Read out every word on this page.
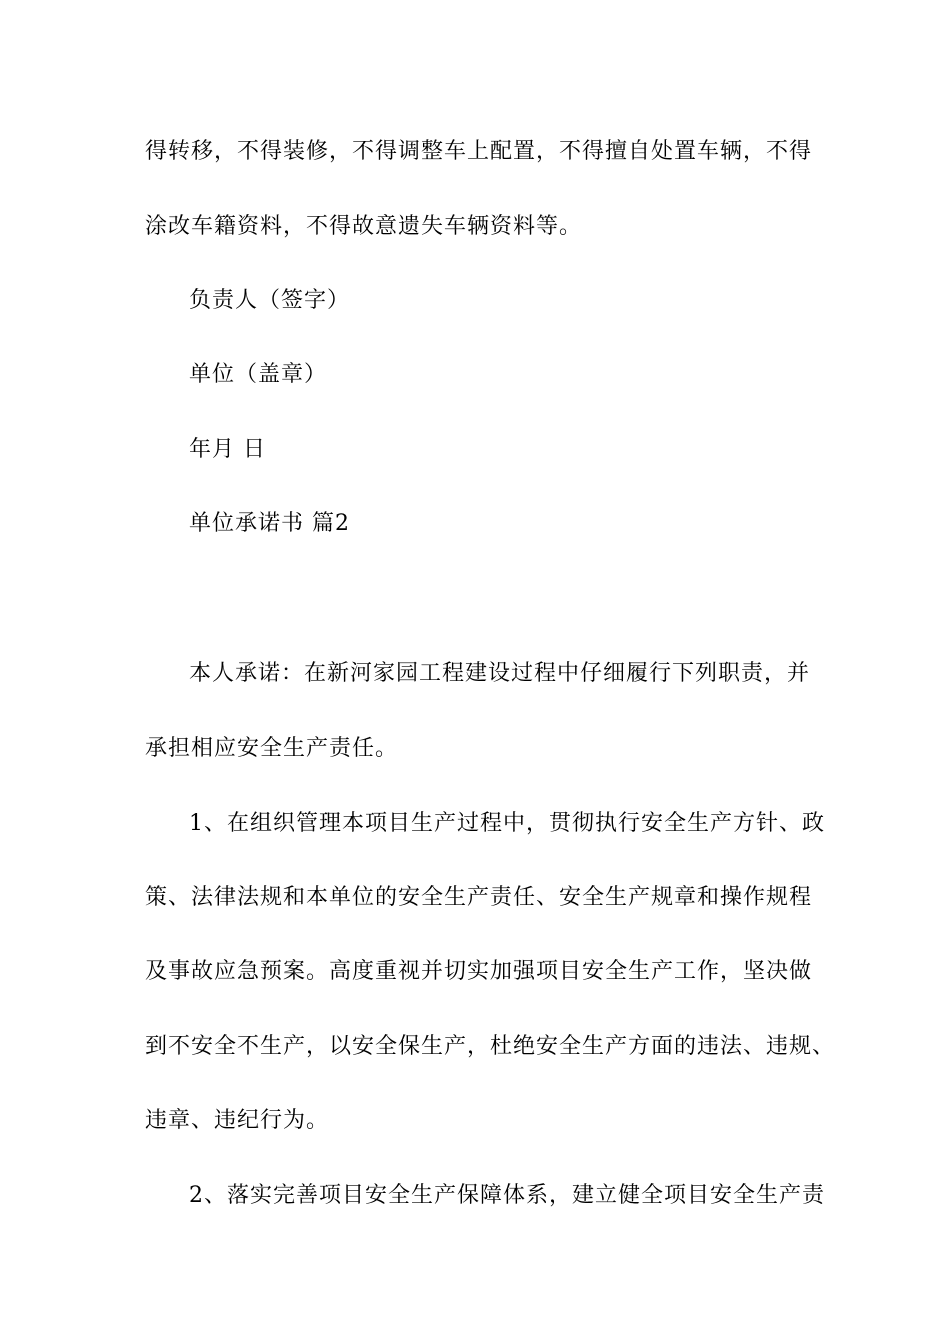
得转移，不得装修，不得调整车上配置，不得擅自处置车辆，不得
涂改车籍资料，不得故意遗失车辆资料等。
负责人（签字）
单位（盖章）
年月 日
单位承诺书 篇2
本人承诺：在新河家园工程建设过程中仔细履行下列职责，并
承担相应安全生产责任。
1、在组织管理本项目生产过程中，贯彻执行安全生产方针、政
策、法律法规和本单位的安全生产责任、安全生产规章和操作规程
及事故应急预案。高度重视并切实加强项目安全生产工作，坚决做
到不安全不生产，以安全保生产，杜绝安全生产方面的违法、违规、
违章、违纪行为。
2、落实完善项目安全生产保障体系，建立健全项目安全生产责
